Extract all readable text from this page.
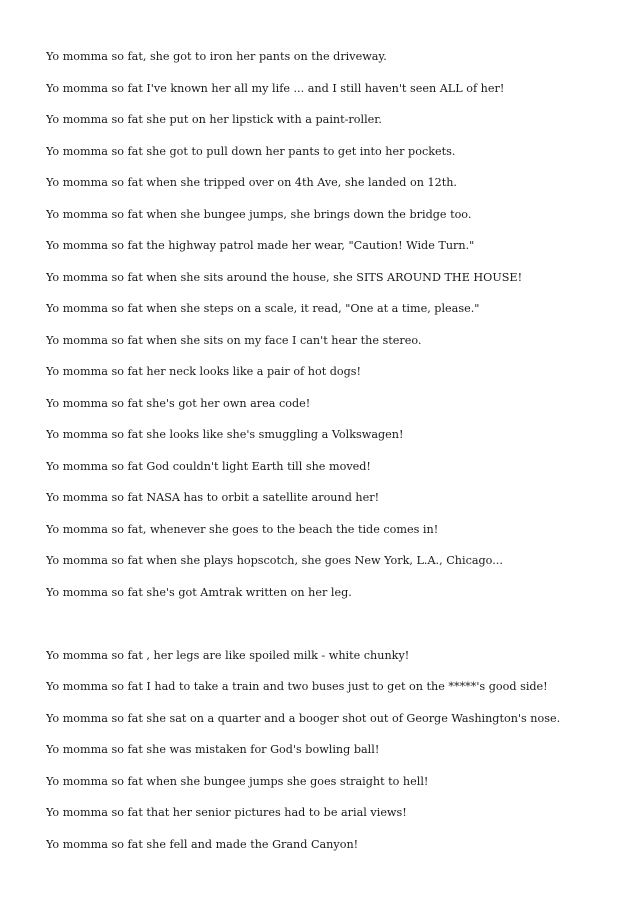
Yo momma so fat, she got to iron her pants on the driveway.
Yo momma so fat I've known her all my life ... and I still haven't seen ALL of her!
Yo momma so fat she put on her lipstick with a paint-roller.
Yo momma so fat she got to pull down her pants to get into her pockets.
Yo momma so fat when she tripped over on 4th Ave, she landed on 12th.
Yo momma so fat when she bungee jumps, she brings down the bridge too.
Yo momma so fat the highway patrol made her wear, "Caution! Wide Turn."
Yo momma so fat when she sits around the house, she SITS AROUND THE HOUSE!
Yo momma so fat when she steps on a scale, it read, "One at a time, please."
Yo momma so fat when she sits on my face I can't hear the stereo.
Yo momma so fat her neck looks like a pair of hot dogs!
Yo momma so fat she's got her own area code!
Yo momma so fat she looks like she's smuggling a Volkswagen!
Yo momma so fat God couldn't light Earth till she moved!
Yo momma so fat NASA has to orbit a satellite around her!
Yo momma so fat, whenever she goes to the beach the tide comes in!
Yo momma so fat when she plays hopscotch, she goes New York, L.A., Chicago...
Yo momma so fat she's got Amtrak written on her leg.
Yo momma so fat , her legs are like spoiled milk - white chunky!
Yo momma so fat I had to take a train and two buses just to get on the *****'s good side!
Yo momma so fat she sat on a quarter and a booger shot out of George Washington's nose.
Yo momma so fat she was mistaken for God's bowling ball!
Yo momma so fat when she bungee jumps she goes straight to hell!
Yo momma so fat that her senior pictures had to be arial views!
Yo momma so fat she fell and made the Grand Canyon!
